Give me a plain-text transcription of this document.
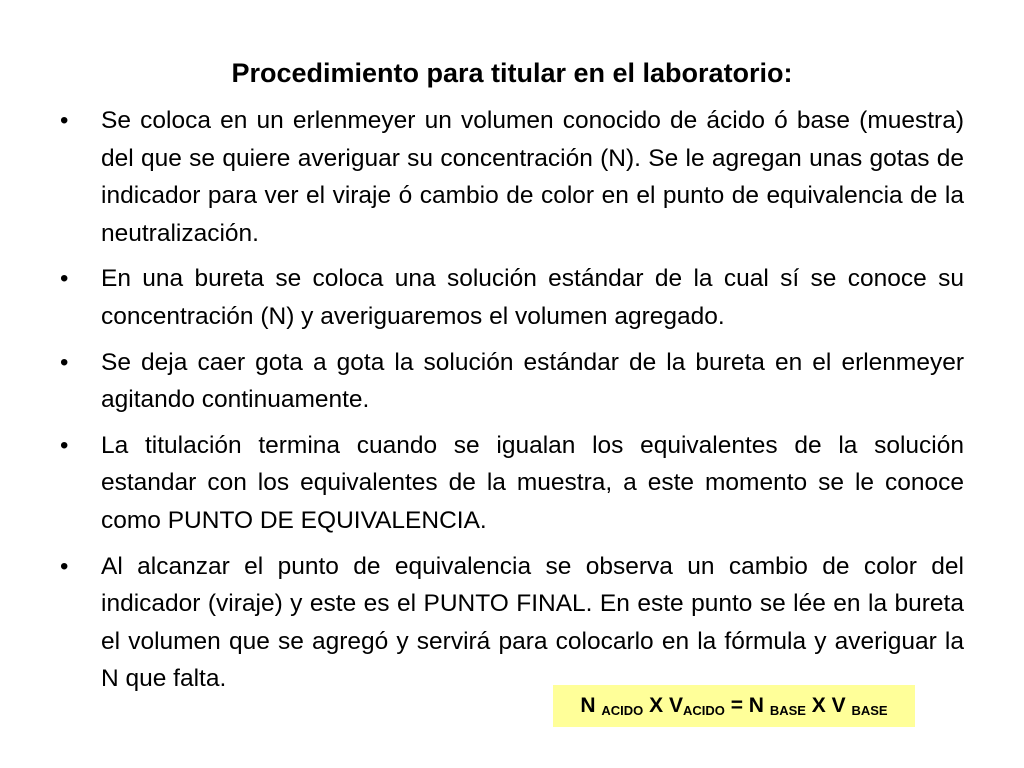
Procedimiento para titular en el laboratorio:
• Se coloca en un erlenmeyer un volumen conocido de ácido ó base (muestra) del que se quiere averiguar su concentración (N). Se le agregan unas gotas de indicador para ver el viraje ó cambio de color en el punto de equivalencia de la neutralización.
• En una bureta se coloca una solución estándar de la cual sí se conoce su concentración (N) y averiguaremos el volumen agregado.
• Se deja caer gota a gota la solución estándar de la bureta en el erlenmeyer agitando continuamente.
• La titulación termina cuando se igualan los equivalentes de la solución estandar con los equivalentes de la muestra, a este momento se le conoce como PUNTO DE EQUIVALENCIA.
• Al alcanzar el punto de equivalencia se observa un cambio de color del indicador (viraje) y este es el PUNTO FINAL. En este punto se lée en la bureta el volumen que se agregó y servirá para colocarlo en la fórmula y averiguar la N que falta.
N $_{ACIDO}$ X $V_{ACIDO} = N$ $_{BASE}$ X V $_{BASE}$
